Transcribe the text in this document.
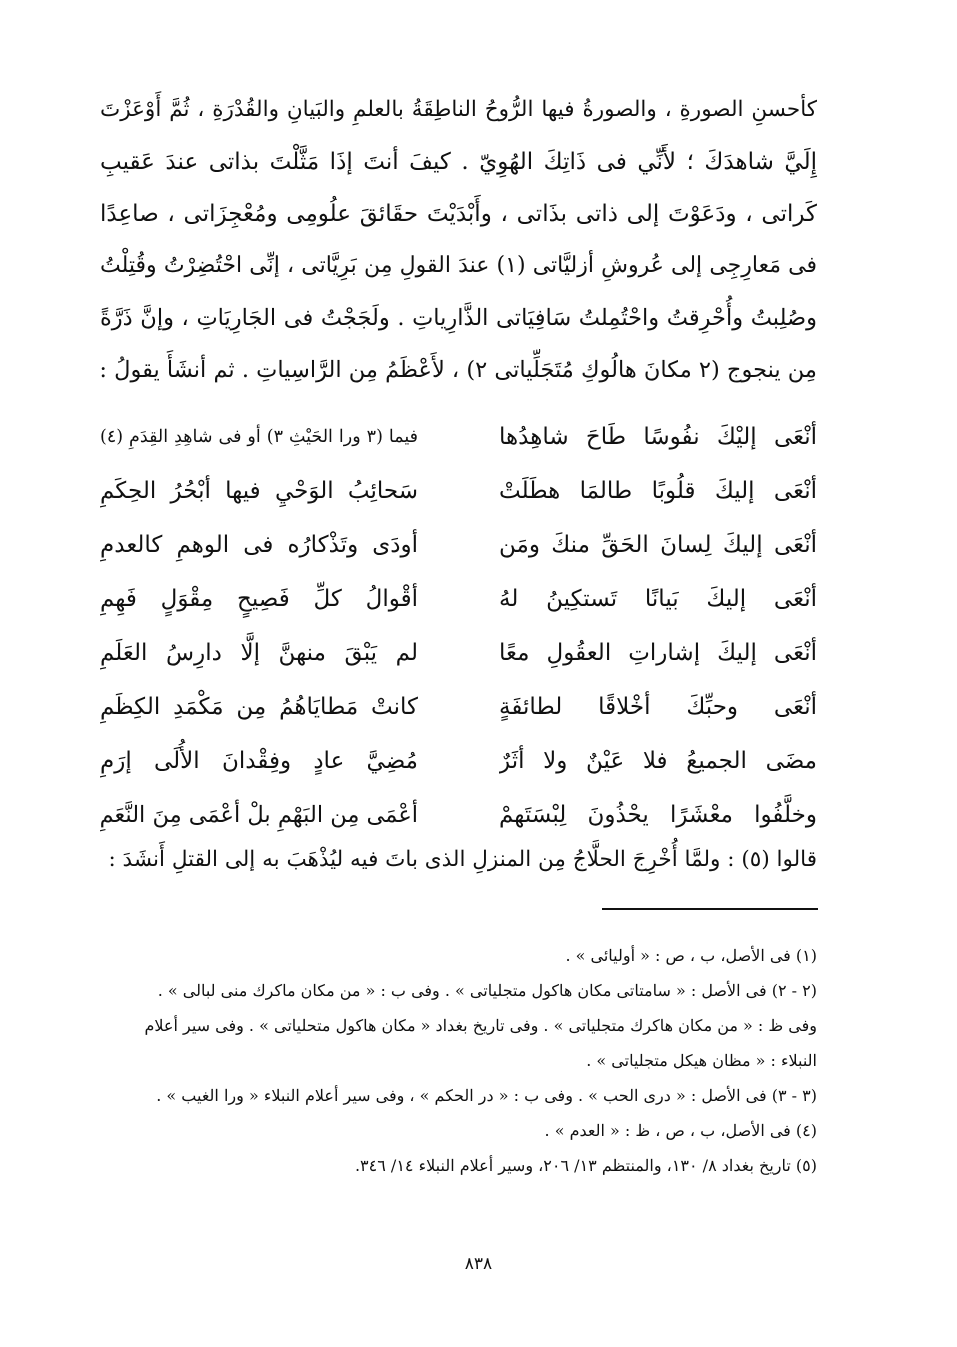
كأحسنِ الصورةِ ، والصورةُ فيها الرُّوحُ الناطِقَةُ بالعلمِ والبَيانِ والقُدْرَةِ ، ثُمَّ أَوْعَزْتَ
إِلَيَّ شاهدَكَ ؛ لأَنِّي فى ذَاتِكَ الهُوِيّ . كيفَ أنتَ إذَا مَثَّلْتَ بذاتى عندَ عَقيبِ
كَراتى ، ودَعَوْتَ إلى ذاتى بذَاتى ، وأَبْدَيْتَ حقَائقَ علُومِى ومُعْجِزَاتى ، صاعِدًا
فى مَعارِجِى إلى عُروشِ أزليَّاتى (١) عندَ القولِ مِن بَرِيَّاتى ، إنِّى احْتُضِرْتُ وقُتِلْتُ
وصُلِبتُ وأُحْرِقتُ واحْتُمِلتُ سَافِيَاتى الذَّارِياتِ . ولَجَجْتُ فى الجَارِيَاتِ ، وإنَّ ذَرَّةً
مِن ينجوج (٢ مكانَ هالُوكِ مُتَجَلِّياتى ٢) ، لأَعْظَمُ مِن الرَّاسِياتِ . ثم أنشَأَ يقولُ :
أنْعَى إليْكَ نفُوسًا طَاحَ شاهِدُها
فيما (٣ ورا الحَيْثِ ٣) أو فى شاهِدِ القِدَمِ (٤)
أنْعَى إليكَ قلُوبًا طالمَا هطَلَتْ
سَحائِبُ الوَحْيِ فيها أبْحُرُ الحِكَمِ
أنْعَى إليكَ لِسانَ الحَقِّ منكَ ومَن
أودَى وتَذْكارُه فى الوهمِ كالعدمِ
أنْعَى إليكَ بَيانًا تَستكِينُ لهُ
أقْوالُ كلِّ فَصِيحٍ مِقْوَلٍ فَهِمِ
أنْعَى إليكَ إشاراتِ العقُولِ معًا
لم يَبْقَ منهنَّ إلَّا دارِسُ العَلَمِ
أنْعَى وحبِّكَ أخْلاقًا لطائفَةٍ
كانتْ مَطايَاهُمُ مِن مَكْمَدِ الكِظَمِ
مضَى الجميعُ فلا عَيْنٌ ولا أثَرٌ
مُضِيَّ عادٍ وفِقْدانَ الأُلَى إرَمِ
وخلَّفُوا معْشَرًا يحْذُونَ لِبْسَتَهمْ
أعْمَى مِن البَهْمِ بلْ أعْمَى مِنَ النَّعَمِ
قالوا (٥) : ولمَّا أُخْرِجَ الحلَّاجُ مِن المنزلِ الذى باتَ فيه ليُذْهَبَ به إلى القتلِ أَنشَدَ :
(١) فى الأصل، ب ، ص : « أوليائى » .
(٢ - ٢) فى الأصل : « سامتاتى مكان هاكول متجلياتى » . وفى ب : « من مكان ماكرك منى لبالى » .
وفى ظ : « من مكان هاكرك متجلياتى » . وفى تاريخ بغداد « مكان هاكول متحلياتى » . وفى سير أعلام
النبلاء : « مظان هيكل متجلياتى » .
(٣ - ٣) فى الأصل : « درى الحب » . وفى ب : « در الحكم » ، وفى سير أعلام النبلاء « ورا الغيب » .
(٤) فى الأصل، ب ، ص ، ظ : « العدم » .
(٥) تاريخ بغداد ٨/ ١٣٠، والمنتظم ١٣/ ٢٠٦، وسير أعلام النبلاء ١٤/ ٣٤٦.
٨٣٨
